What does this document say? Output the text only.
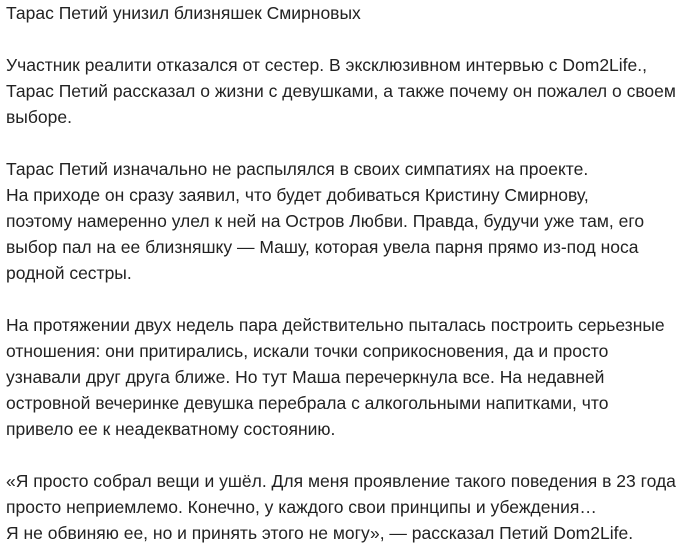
Тарас Петий унизил близняшек Смирновых

Участник реалити отказался от сестер. В эксклюзивном интервью с Dom2Life.,
Тарас Петий рассказал о жизни с девушками, а также почему он пожалел о своем
выборе.

Тарас Петий изначально не распылялся в своих симпатиях на проекте.
На приходе он сразу заявил, что будет добиваться Кристину Смирнову,
поэтому намеренно улел к ней на Остров Любви. Правда, будучи уже там, его
выбор пал на ее близняшку — Машу, которая увела парня прямо из-под носа
родной сестры.

На протяжении двух недель пара действительно пыталась построить серьезные
отношения: они притирались, искали точки соприкосновения, да и просто
узнавали друг друга ближе. Но тут Маша перечеркнула все. На недавней
островной вечеринке девушка перебрала с алкогольными напитками, что
привело ее к неадекватному состоянию.

«Я просто собрал вещи и ушёл. Для меня проявление такого поведения в 23 года
просто неприемлемо. Конечно, у каждого свои принципы и убеждения…
Я не обвиняю ее, но и принять этого не могу», — рассказал Петий Dom2Life.
